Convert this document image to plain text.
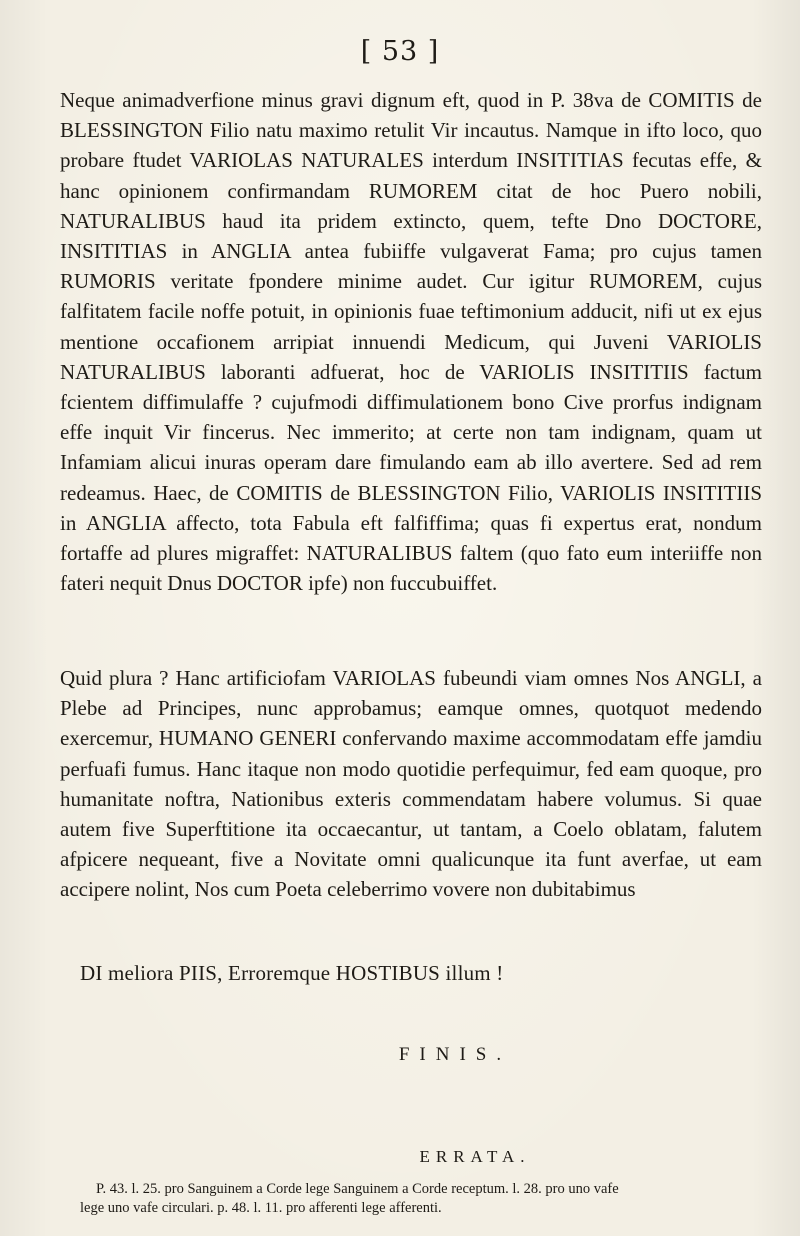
[ 53 ]
Neque animadverfione minus gravi dignum eft, quod in P. 38va de COMITIS de BLESSINGTON Filio natu maximo retulit Vir incautus. Namque in ifto loco, quo probare ftudet VARIOLAS NATURALES interdum INSITITIAS fecutas effe, & hanc opinionem confirmandam RUMOREM citat de hoc Puero nobili, NATURALIBUS haud ita pridem extincto, quem, tefte Dno DOCTORE, INSITITIAS in ANGLIA antea fubiiffe vulgaverat Fama; pro cujus tamen RUMORIS veritate fpondere minime audet. Cur igitur RUMOREM, cujus falfitatem facile noffe potuit, in opinionis fuae teftimonium adducit, nifi ut ex ejus mentione occafionem arripiat innuendi Medicum, qui Juveni VARIOLIS NATURALIBUS laboranti adfuerat, hoc de VARIOLIS INSITITIIS factum fcientem diffimulaffe ? cujufmodi diffimulationem bono Cive prorfus indignam effe inquit Vir fincerus. Nec immerito; at certe non tam indignam, quam ut Infamiam alicui inuras operam dare fimulando eam ab illo avertere. Sed ad rem redeamus. Haec, de COMITIS de BLESSINGTON Filio, VARIOLIS INSITITIIS in ANGLIA affecto, tota Fabula eft falfiffima; quas fi expertus erat, nondum fortaffe ad plures migraffet: NATURALIBUS faltem (quo fato eum interiiffe non fateri nequit Dnus DOCTOR ipfe) non fuccubuiffet.
Quid plura ? Hanc artificiofam VARIOLAS fubeundi viam omnes Nos ANGLI, a Plebe ad Principes, nunc approbamus; eamque omnes, quotquot medendo exercemur, HUMANO GENERI confervando maxime accommodatam effe jamdiu perfuafi fumus. Hanc itaque non modo quotidie perfequimur, fed eam quoque, pro humanitate noftra, Nationibus exteris commendatam habere volumus. Si quae autem five Superftitione ita occaecantur, ut tantam, a Coelo oblatam, falutem afpicere nequeant, five a Novitate omni qualicunque ita funt averfae, ut eam accipere nolint, Nos cum Poeta celeberrimo vovere non dubitabimus
DI meliora PIIS, Erroremque HOSTIBUS illum !
FINIS.
ERRATA.
P. 43. l. 25. pro Sanguinem a Corde lege Sanguinem a Corde receptum. l. 28. pro uno vafe
lege uno vafe circulari. p. 48. l. 11. pro afferenti lege afferenti.
